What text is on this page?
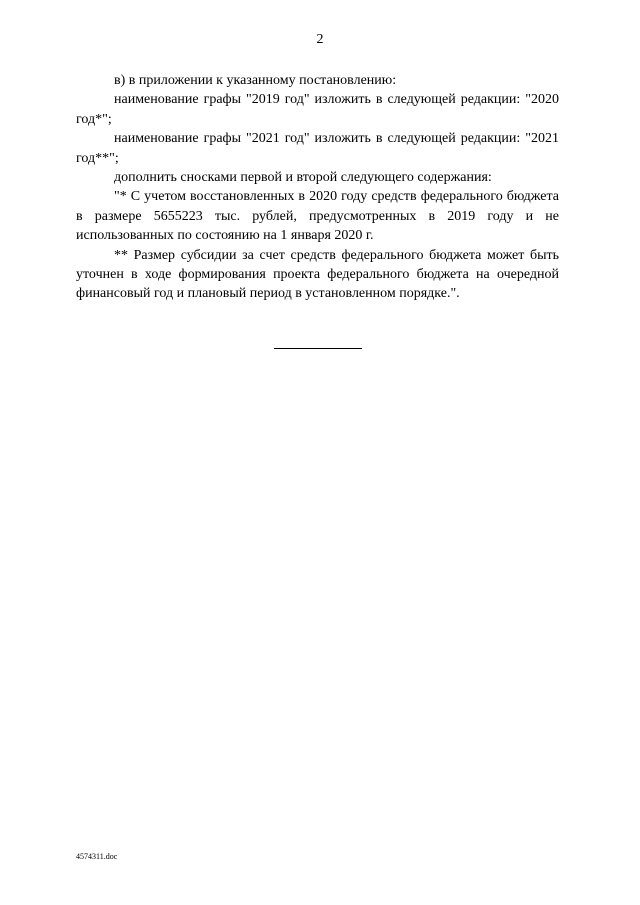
2

в) в приложении к указанному постановлению:

наименование графы "2019 год" изложить в следующей редакции: "2020 год*";

наименование графы "2021 год" изложить в следующей редакции: "2021 год**";

дополнить сносками первой и второй следующего содержания:

"* С учетом восстановленных в 2020 году средств федерального бюджета в размере 5655223 тыс. рублей, предусмотренных в 2019 году и не использованных по состоянию на 1 января 2020 г.

** Размер субсидии за счет средств федерального бюджета может быть уточнен в ходе формирования проекта федерального бюджета на очередной финансовый год и плановый период в установленном порядке.".

4574311.doc
